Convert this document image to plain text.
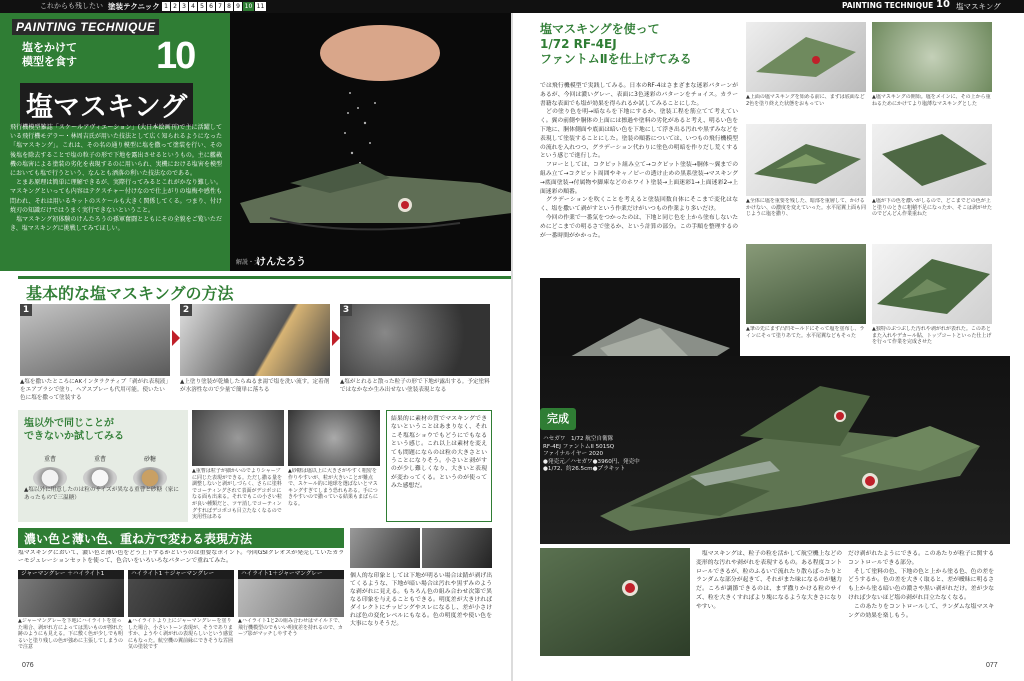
これからも残したい 塗装テクニック 1 2 3 4 5 6 7 8 9 10 11	PAINTING TECHNIQUE 10 塩マスキング
解説・文
けんたろう
PAINTING TECHNIQUE
塩をかけて
模型を食す 10
塩マスキング
飛行機模型雑誌「スケールアヴィエーション」(大日本絵画刊)で主に活躍している飛行機モデラー・林周吉氏が用いた技法として広く知られるようになった「塩マスキング」。これは、その名の通り模型に塩を撒って塗装を行い、その後塩を除去することで塩の粒子の形で下地を露出させるというもの。主に艦載機の塩害による塗装の劣化を表現するのに用いられ、実機における塩害を模型においても塩で行うという、なんとも洒落の利いた技法なのである。
　とまあ原理は簡単に理解できるが、実際行ってみるとこれがかなり難しい。マスキングといっても内容はテクスチャー付けなので仕上がりの塩梅や感性も問われ、それは用いるキットのスケールも大きく関係してくる。つまり、付け焼刃の知識だけではうまく実行できないということ。
　塩マスキング初体験のけんたろうの孫軍奮闘とともにその全貌をご覧いただき、塩マスキングに挑戦してみてほしい。
基本的な塩マスキングの方法
1
▲塩を撒いたところにAKインタラクティブ「剥がれ表現液」をエアブラシで塗り、ヘアスプレーも代用可能。使いたい色に塩を撒って塗装する
2
▲上塗り塗装が乾燥したらぬるま湯で塩を洗い流す。定着剤が水溶性なので少量で簡単に落ちる
3
▲塩がとれると散った粒子の形で下地が露出する。予定塗料ではなかなか生み出せない塗装表現となる
塩以外で同じことが
できないか試してみる
重曹	重曹	砂糖
▲塩以外に用意したのは粒のサイズが異なる重曹と砂糖（家にあったもので三温糖）
▲重曹は粒子が細かいのでよりシャープに同じた表現ができる。ただし撒る量を調整しないと剥がしづらく、さらに塗料でコーティングされて表面がデコボコになる面も出来る。それでもこの小さい粒が良い種類だと、ツヤ消しでコーティングすればデコボコも目立たなくなるので実用性はある
▲砂糖は塩以上に大きさがやすく粗密を作りやすいが、粒が大きいことが難点で、スケール的に地球を選ばないとマスキングすぎてしまう恐れもある。手につきやすいので撒っている結果もまばらになる。
結果的に素材の質でマスキングできないということはあまりなく、それこそ塩塩ショウでもどうにでもなるという感じ。これ以上は素材を変えても問題にならのは粒の大きさということになりそう。小さいと剥がすのが少し難しくなり、大きいと表現が変わってくる。というのが使ってみた感想だ。
濃い色と薄い色、重ね方で変わる表現方法
塩マスキングにおいて、濃い色と薄い色をどう上下するかというのは重要なポイント。今回GSIクレオスが発売していたカラーモジュレーションセットを使って、色合いをいろいろなパターンで重ねてみた。
ジャーマングレー ＋ハイライト1
▲ジャーマングレーを下地にハイライトを塗った場合、剥がれ方によっては黒いものが擦れた跡のようにも見える。下に敷く色が少しでも明るいと塗り残しの色が強めに主張してしまうので注意
ハイライト1 ＋ジャーマングレー
▲ハイライトより上にジャーマングレーを塗りした場合、小さいトーン表現が、そうでありますか、ようやく剥がれの表現らしいという感覚にもなった。航空機の翼前縁にできそうな雰囲気の塗装です
ハイライト1＋ジャーマングレー
▲ハイライト1と2の組み合わせはマイルドで、飛行機模型のでもいい明度差を持れるので、カーブ影がマッチしやすそう
個人的な印象としては下地が明るい場合は錆が剥げ出てくるような、下地が暗い場合は汚れや黒ずみのような剥がれに見える。もちろん色の組み合わせ次第で異なる印象を与えることもできる。明度差が大きければダイレクトにチッピングやスレになるし、差が小さければ色の変化レベルにもなる。色の明度差や使い色を大事になりそうだ。
076
塩マスキングを使って
1/72 RF-4EJ
ファントムⅡを仕上げてみる
では飛行機模型で実践してみる。日本のRF-4はさまざまな迷彩パターンがあるが、今回は濃いグレー、表面に3色迷彩のパターンをチョイス。カラー書籍な表面でも塩が効果を得られるか試してみることにした。
　どの塗り色を明→暗ならを下地にするか、塗装工程を筋立てて考えていく。翼の前側や胴体の上面には擦過や塗料の劣化があると考え、明るい色を下地に、胴体側面や底面は暗い色を下地にして浮き出る汚れや黒ずみなどを表現して塗装することにした。塗装の順番については、いつもの飛行機模型の流れを入れつつ、グラデーション代わりに塗色の明暗を作りだし荒くするという感じで進行した。
　フローとしては、コクピット組み立て→コクピット塗装→胴体〜翼までの組み立て→コクピット周囲やキャノピーの透け止めの黒系塗装→マスキング→底面塗装→付属物や脚庫などのホワイト塗装→上面迷彩1→上面迷彩2→上面迷彩の順番。
　グラデーションを吹くことを考えると塗装回数自体にそこまで変化はなく、塩を撒いて剥がすという作業だけがいつもの作業より多いだけ。
　今回の作業で一番気をつかったのは、下地と同じ色を上から塗布しないためにどこまでの明るさで塗るか、という計算の部分。この手順を整理するのが一番時間がかかった。
▲上面の塩マスキングを始める前に、まずは底面など2色を塗り終えた状態をおもってい
▲塩マスキングの開始。塩をメインに、その上から重ねるためにかけてより塩薄なマスキングとした
▲全体に塩を重要を残した、暗部を重層して、かけるかけない、の濃度を変えていった。水平尾翼上面も同じように塩を撒り、
▲塩が下の色を濃いがしるので、どこまでどの色が上と塗りのときに粗積不足になったか、そこは剥がせたのでどんどん作業重ねた
▲筆の先にまず凸凹モールドにそって塩を塗布し、ラインにそって塗りあてた。水平尾翼などもそった
▲独特のぶつぶした汚れや剥がれが表れた。このあとまた入れやデカール貼、トップコートといった仕上げを行って作業を完成させた
完成
ハセガワ　1/72 航空自衛隊
RF-4EJ ファントムII 501SQ
ファイナルイヤー 2020
●発売元／ハセガワ●3960円、発売中
●1/72、約26.5cm●プラキット
　塩マスキングは、粒子の粒を活かして航空機上などの変形的な汚れや剥がれを表現するもの。ある程度コントロールできるが、粒のふるいで流れたり散らばったりとランダムな部分が起きて、それがまた味になるのが魅力だ。ころが調節できるのは、まず撒りかける粒のサイズ、粒を大きくすればより塊になるような大きさになりやすい。
だけ剥がれたようにできる。このあたりが粒子に関するコントロールできる部分。
　そして塗料の色、下地の色と上から塗る色、色の差をどうするか。色の差を大きく取ると、差が曖昧に明るさも上から塗る暗い色の濃さや黒い剥がれだけ。差が少なければ少ないほど塩の剥がれ目立たなくなる。
　このあたりをコントロールして、ランダムな塩マスキングの効果を楽しもう。
077
